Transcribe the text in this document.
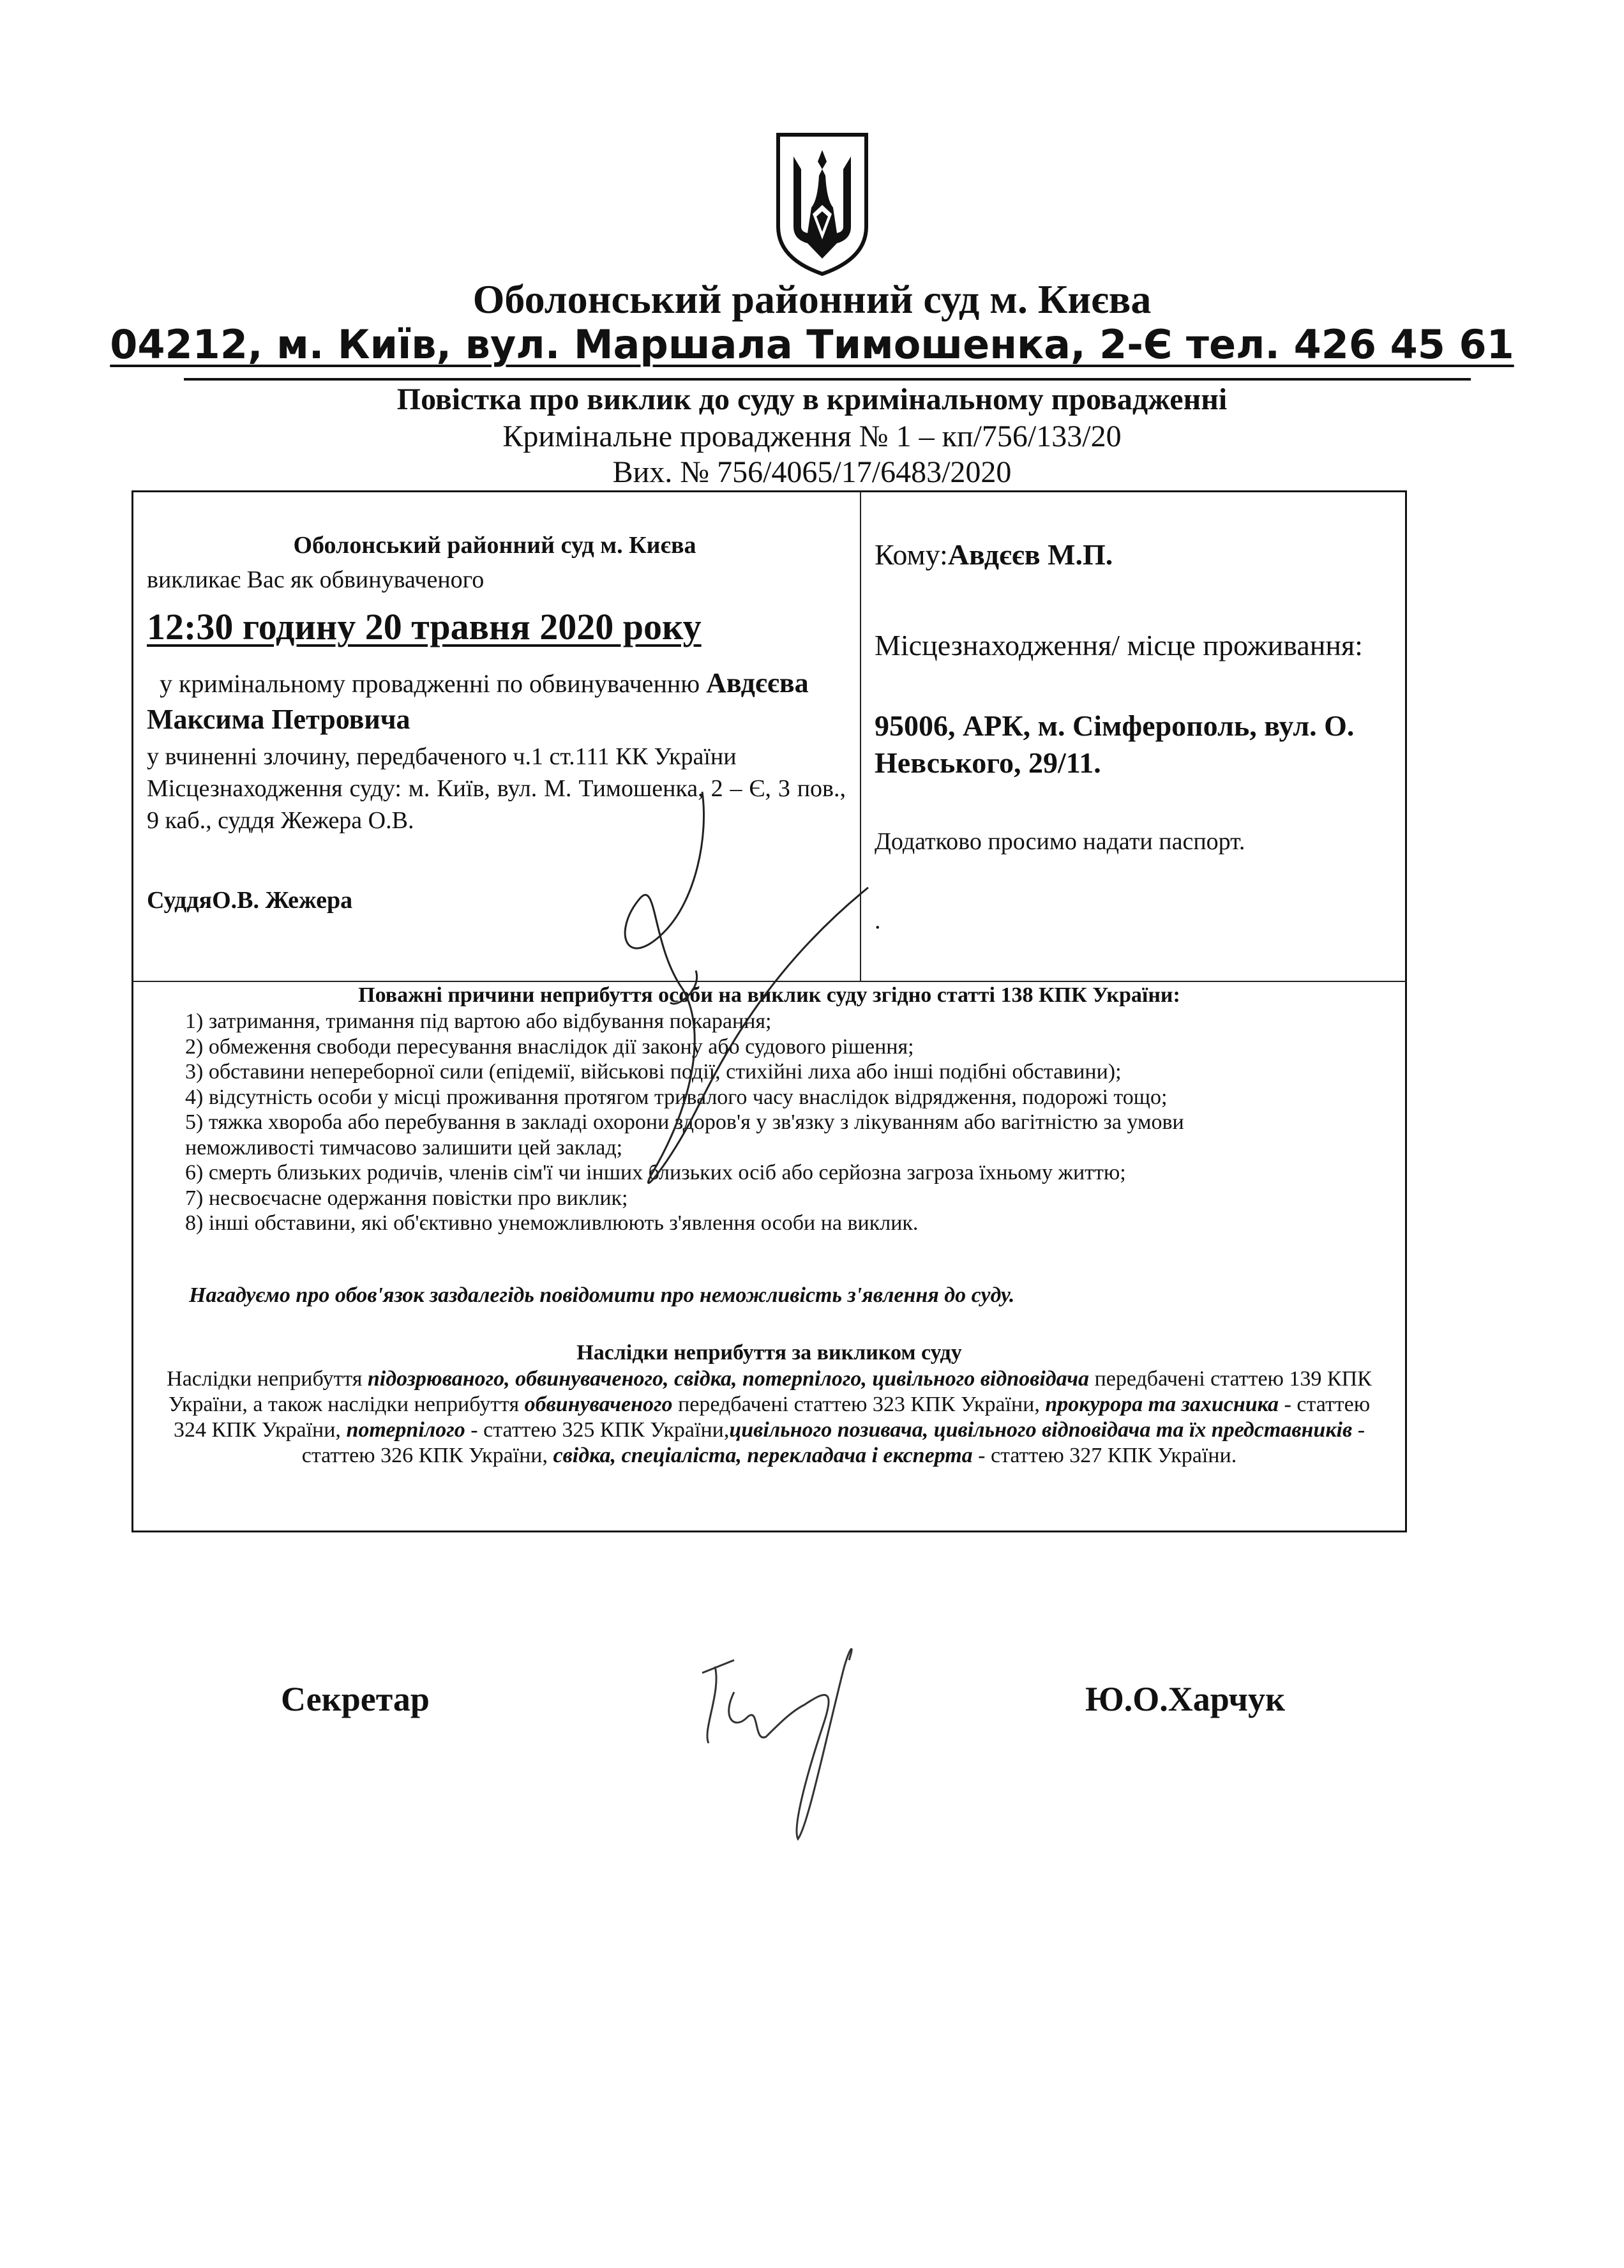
Оболонський районний суд м. Києва
04212, м. Київ, вул. Маршала Тимошенка, 2-Є тел. 426 45 61
Повістка про виклик до суду в кримінальному провадженні
Кримінальне провадження № 1 – кп/756/133/20
Вих. № 756/4065/17/6483/2020
Оболонський районний суд м. Києва
викликає Вас як обвинуваченого
12:30 годину 20 травня 2020 року
у кримінальному провадженні по обвинуваченню Авдєєва Максима Петровича
у вчиненні злочину, передбаченого ч.1 ст.111 КК України
Місцезнаходження суду: м. Київ, вул. М. Тимошенка, 2 – Є, 3 пов., 9 каб., суддя Жежера О.В.
СуддяО.В. Жежера
Кому:Авдєєв М.П.
Місцезнаходження/ місце проживання:
95006, АРК, м. Сімферополь, вул. О. Невського, 29/11.
Додатково просимо надати паспорт.
.
Поважні причини неприбуття особи на виклик суду згідно статті 138 КПК України:
1) затримання, тримання під вартою або відбування покарання;
2) обмеження свободи пересування внаслідок дії закону або судового рішення;
3) обставини непереборної сили (епідемії, військові події, стихійні лиха або інші подібні обставини);
4) відсутність особи у місці проживання протягом тривалого часу внаслідок відрядження, подорожі тощо;
5) тяжка хвороба або перебування в закладі охорони здоров'я у зв'язку з лікуванням або вагітністю за умови
неможливості тимчасово залишити цей заклад;
6) смерть близьких родичів, членів сім'ї чи інших близьких осіб або серйозна загроза їхньому життю;
7) несвоєчасне одержання повістки про виклик;
8) інші обставини, які об'єктивно унеможливлюють з'явлення особи на виклик.
Нагадуємо про обов'язок заздалегідь повідомити про неможливість з'явлення до суду.
Наслідки неприбуття за викликом суду
Наслідки неприбуття підозрюваного, обвинуваченого, свідка, потерпілого, цивільного відповідача передбачені статтею 139 КПК України, а також наслідки неприбуття обвинуваченого передбачені статтею 323 КПК України, прокурора та захисника - статтею 324 КПК України, потерпілого - статтею 325 КПК України,цивільного позивача, цивільного відповідача та їх представників - статтею 326 КПК України, свідка, спеціаліста, перекладача і експерта - статтею 327 КПК України.
Секретар	Ю.О.Харчук
